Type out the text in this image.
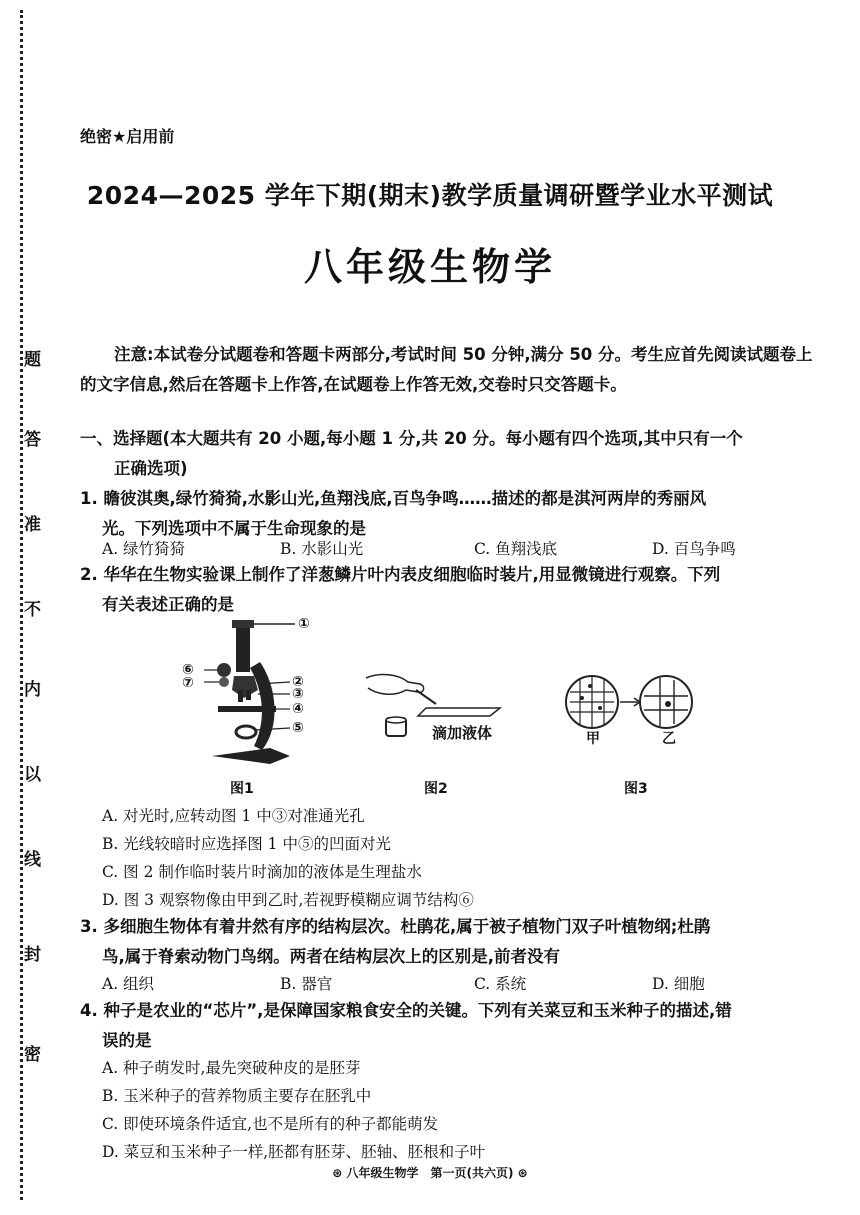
密
封
线
以
内
不
准
答
题
绝密★启用前
2024—2025 学年下期(期末)教学质量调研暨学业水平测试
八年级生物学
注意:本试卷分试题卷和答题卡两部分,考试时间 50 分钟,满分 50 分。考生应首先阅读试题卷上的文字信息,然后在答题卡上作答,在试题卷上作答无效,交卷时只交答题卡。
一、选择题(本大题共有 20 小题,每小题 1 分,共 20 分。每小题有四个选项,其中只有一个
正确选项)
1. 瞻彼淇奥,绿竹猗猗,水影山光,鱼翔浅底,百鸟争鸣……描述的都是淇河两岸的秀丽风
光。下列选项中不属于生命现象的是
A. 绿竹猗猗	B. 水影山光	C. 鱼翔浅底	D. 百鸟争鸣
2. 华华在生物实验课上制作了洋葱鳞片叶内表皮细胞临时装片,用显微镜进行观察。下列
有关表述正确的是
①
②
③
④
⑤
⑥
⑦
图1
滴加液体
图2
甲	乙
图3
A. 对光时,应转动图 1 中③对准通光孔
B. 光线较暗时应选择图 1 中⑤的凹面对光
C. 图 2 制作临时装片时滴加的液体是生理盐水
D. 图 3 观察物像由甲到乙时,若视野模糊应调节结构⑥
3. 多细胞生物体有着井然有序的结构层次。杜鹃花,属于被子植物门双子叶植物纲;杜鹃
鸟,属于脊索动物门鸟纲。两者在结构层次上的区别是,前者没有
A. 组织	B. 器官	C. 系统	D. 细胞
4. 种子是农业的“芯片”,是保障国家粮食安全的关键。下列有关菜豆和玉米种子的描述,错
误的是
A. 种子萌发时,最先突破种皮的是胚芽
B. 玉米种子的营养物质主要存在胚乳中
C. 即使环境条件适宜,也不是所有的种子都能萌发
D. 菜豆和玉米种子一样,胚都有胚芽、胚轴、胚根和子叶
⊛ 八年级生物学　第一页(共六页) ⊛
